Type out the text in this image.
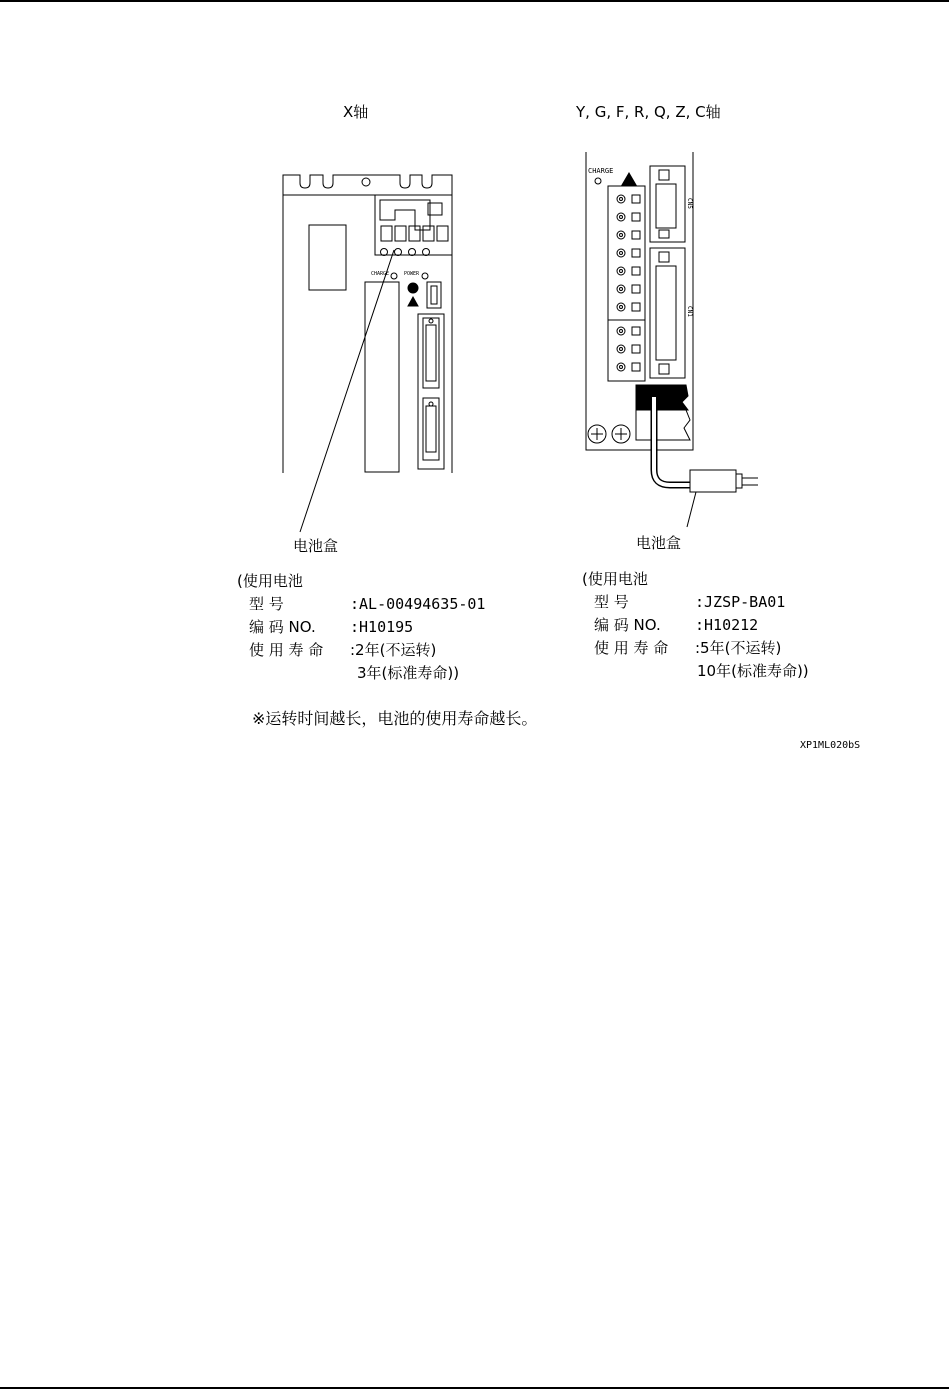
X轴	Y, G, F, R, Q, Z, C轴
CHARGE	POWER
CHARGE
CN5
CN1
电池盒	电池盒
(使用电池
型 号	:AL-00494635-01
编 码 NO. :H10195
使 用 寿 命 :2年(不运转)
3年(标准寿命))
(使用电池
型 号	:JZSP-BA01
编 码 NO. :H10212
使 用 寿 命 :5年(不运转)
10年(标准寿命))
※运转时间越长，电池的使用寿命越长。
XP1ML020bS
